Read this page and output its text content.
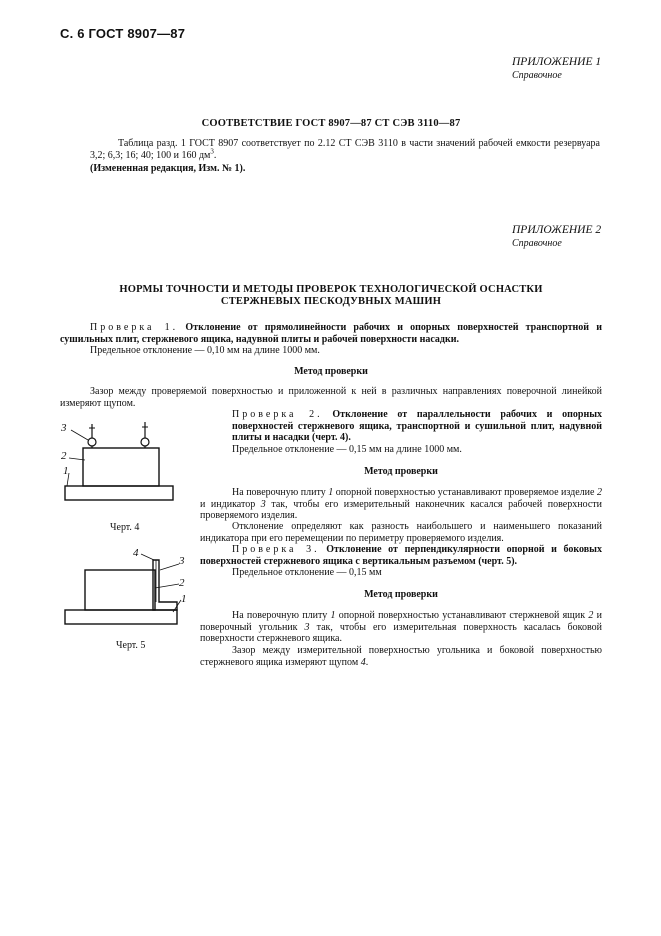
С. 6 ГОСТ 8907—87
ПРИЛОЖЕНИЕ 1
Справочное
СООТВЕТСТВИЕ ГОСТ 8907—87 СТ СЭВ 3110—87
Таблица разд. 1 ГОСТ 8907 соответствует по 2.12 СТ СЭВ 3110 в части значений рабочей емкости резервуара 3,2; 6,3; 16; 40; 100 и 160 $дм^3$.
(Измененная редакция, Изм. № 1).
ПРИЛОЖЕНИЕ 2
Справочное
НОРМЫ ТОЧНОСТИ И МЕТОДЫ ПРОВЕРОК ТЕХНОЛОГИЧЕСКОЙ ОСНАСТКИ
СТЕРЖНЕВЫХ ПЕСКОДУВНЫХ МАШИН
Проверка 1. Отклонение от прямолинейности рабочих и опорных поверхностей транспортной и сушильных плит, стержневого ящика, надувной плиты и рабочей поверхности насадки.
Предельное отклонение — 0,10 мм на длине 1000 мм.
Метод проверки
Зазор между проверяемой поверхностью и приложенной к ней в различных направлениях поверочной линейкой измеряют щупом.
Проверка 2. Отклонение от параллельности рабочих и опорных поверхностей стержневого ящика, транспортной и сушильной плит, надувной плиты и насадки (черт. 4).
Предельное отклонение — 0,15 мм на длине 1000 мм.
Метод проверки
На поверочную плиту 1 опорной поверхностью устанавливают проверяемое изделие 2 и индикатор 3 так, чтобы его измерительный наконечник касался рабочей поверхности проверяемого изделия.
Отклонение определяют как разность наибольшего и наименьшего показаний индикатора при его перемещении по периметру проверяемого изделия.
Проверка 3. Отклонение от перпендикулярности опорной и боковых поверхностей стержневого ящика с вертикальным разъемом (черт. 5).
Предельное отклонение — 0,15 мм
Метод проверки
На поверочную плиту 1 опорной поверхностью устанавливают стержневой ящик 2 и поверочный угольник 3 так, чтобы его измерительная поверхность касалась боковой поверхности стержневого ящика.
Зазор между измерительной поверхностью угольника и боковой поверхностью стержневого ящика измеряют щупом 4.
3
2
1
Черт. 4
4
3
2
1
Черт. 5
